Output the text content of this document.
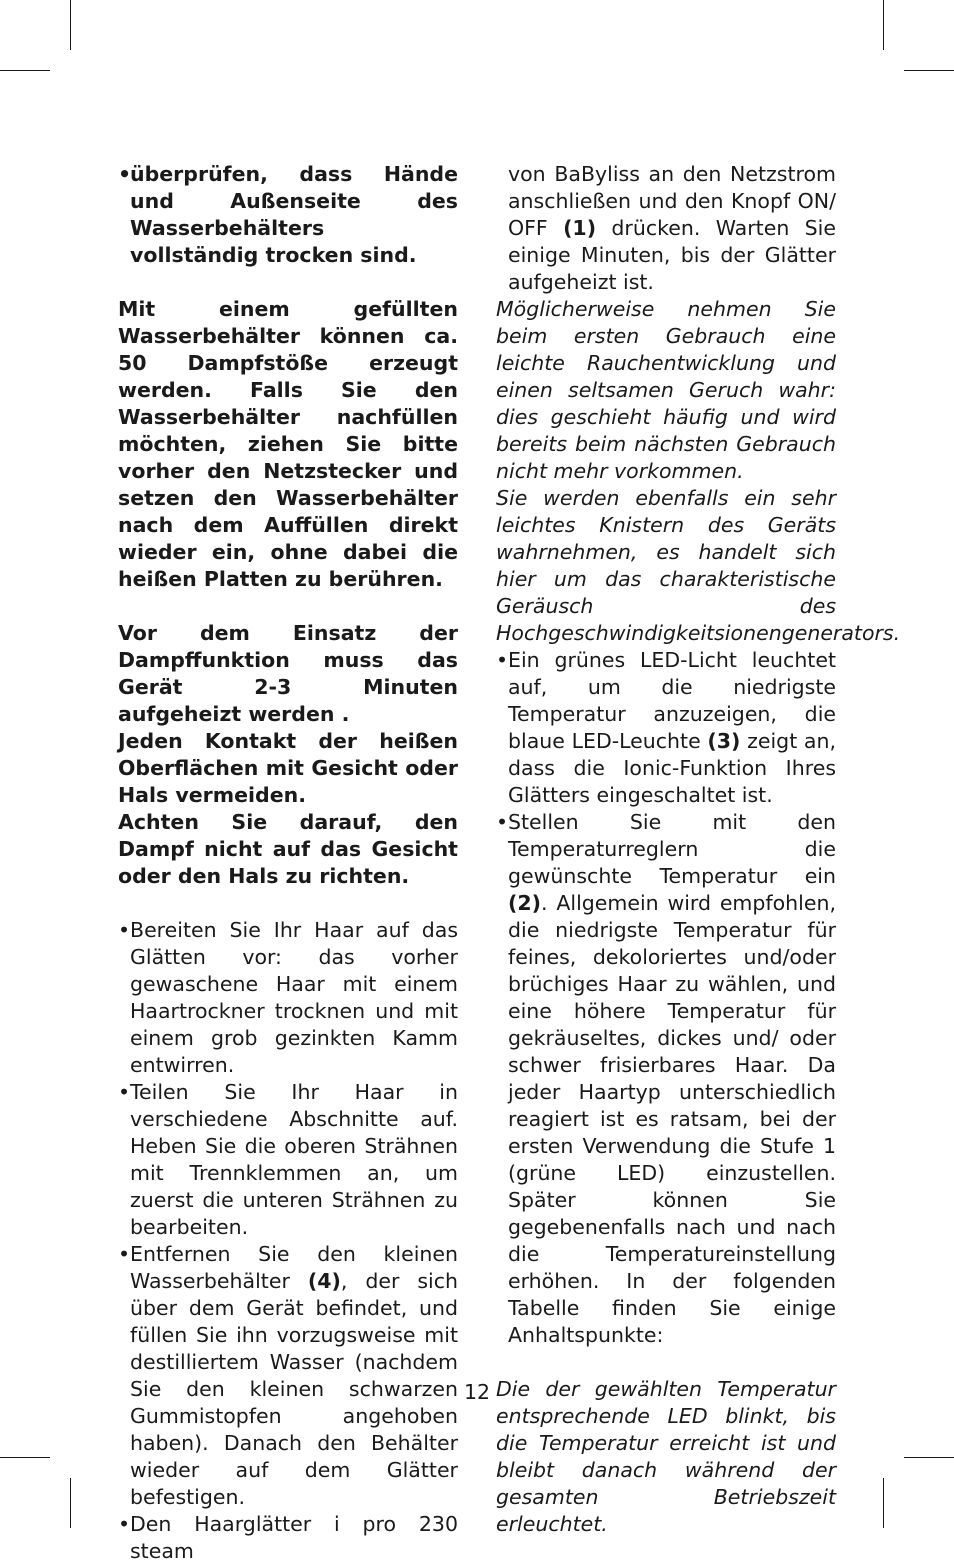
•
überprüfen, dass Hände und Außenseite des Wasserbehälters vollständig trocken sind.

Mit einem gefüllten Wasserbehälter können ca. 50 Dampfstöße erzeugt werden. Falls Sie den Wasserbehälter nachfüllen möchten, ziehen Sie bitte vorher den Netzstecker und setzen den Wasserbehälter nach dem Auffüllen direkt wieder ein, ohne dabei die heißen Platten zu berühren.

Vor dem Einsatz der Dampffunktion muss das Gerät 2-3 Minuten aufgeheizt werden .

Jeden Kontakt der heißen Oberflächen mit Gesicht oder Hals vermeiden.

Achten Sie darauf, den Dampf nicht auf das Gesicht oder den Hals zu richten.

• Bereiten Sie Ihr Haar auf das Glätten vor: das vorher gewaschene Haar mit einem Haartrockner trocknen und mit einem grob gezinkten Kamm entwirren.
• Teilen Sie Ihr Haar in verschiedene Abschnitte auf. Heben Sie die oberen Strähnen mit Trennklemmen an, um zuerst die unteren Strähnen zu bearbeiten.
• Entfernen Sie den kleinen Wasserbehälter (4), der sich über dem Gerät befindet, und füllen Sie ihn vorzugsweise mit destilliertem Wasser (nachdem Sie den kleinen schwarzen Gummistopfen angehoben haben). Danach den Behälter wieder auf dem Glätter befestigen.
• Den Haarglätter i pro 230 steam

von BaByliss an den Netzstrom anschließen und den Knopf ON/ OFF (1) drücken. Warten Sie einige Minuten, bis der Glätter aufgeheizt ist.

Möglicherweise nehmen Sie beim ersten Gebrauch eine leichte Rauchentwicklung und einen seltsamen Geruch wahr: dies geschieht häufig und wird bereits beim nächsten Gebrauch nicht mehr vorkommen.

Sie werden ebenfalls ein sehr leichtes Knistern des Geräts wahrnehmen, es handelt sich hier um das charakteristische Geräusch des Hochgeschwindigkeitsionengenerators.

• Ein grünes LED-Licht leuchtet auf, um die niedrigste Temperatur anzuzeigen, die blaue LED-Leuchte (3) zeigt an, dass die Ionic-Funktion Ihres Glätters eingeschaltet ist.
• Stellen Sie mit den Temperaturreglern die gewünschte Temperatur ein (2). Allgemein wird empfohlen, die niedrigste Temperatur für feines, dekoloriertes und/oder brüchiges Haar zu wählen, und eine höhere Temperatur für gekräuseltes, dickes und/ oder schwer frisierbares Haar. Da jeder Haartyp unterschiedlich reagiert ist es ratsam, bei der ersten Verwendung die Stufe 1 (grüne LED) einzustellen. Später können Sie gegebenenfalls nach und nach die Temperatureinstellung erhöhen. In der folgenden Tabelle finden Sie einige Anhaltspunkte:

Die der gewählten Temperatur entsprechende LED blinkt, bis die Temperatur erreicht ist und bleibt danach während der gesamten Betriebszeit erleuchtet.

12
